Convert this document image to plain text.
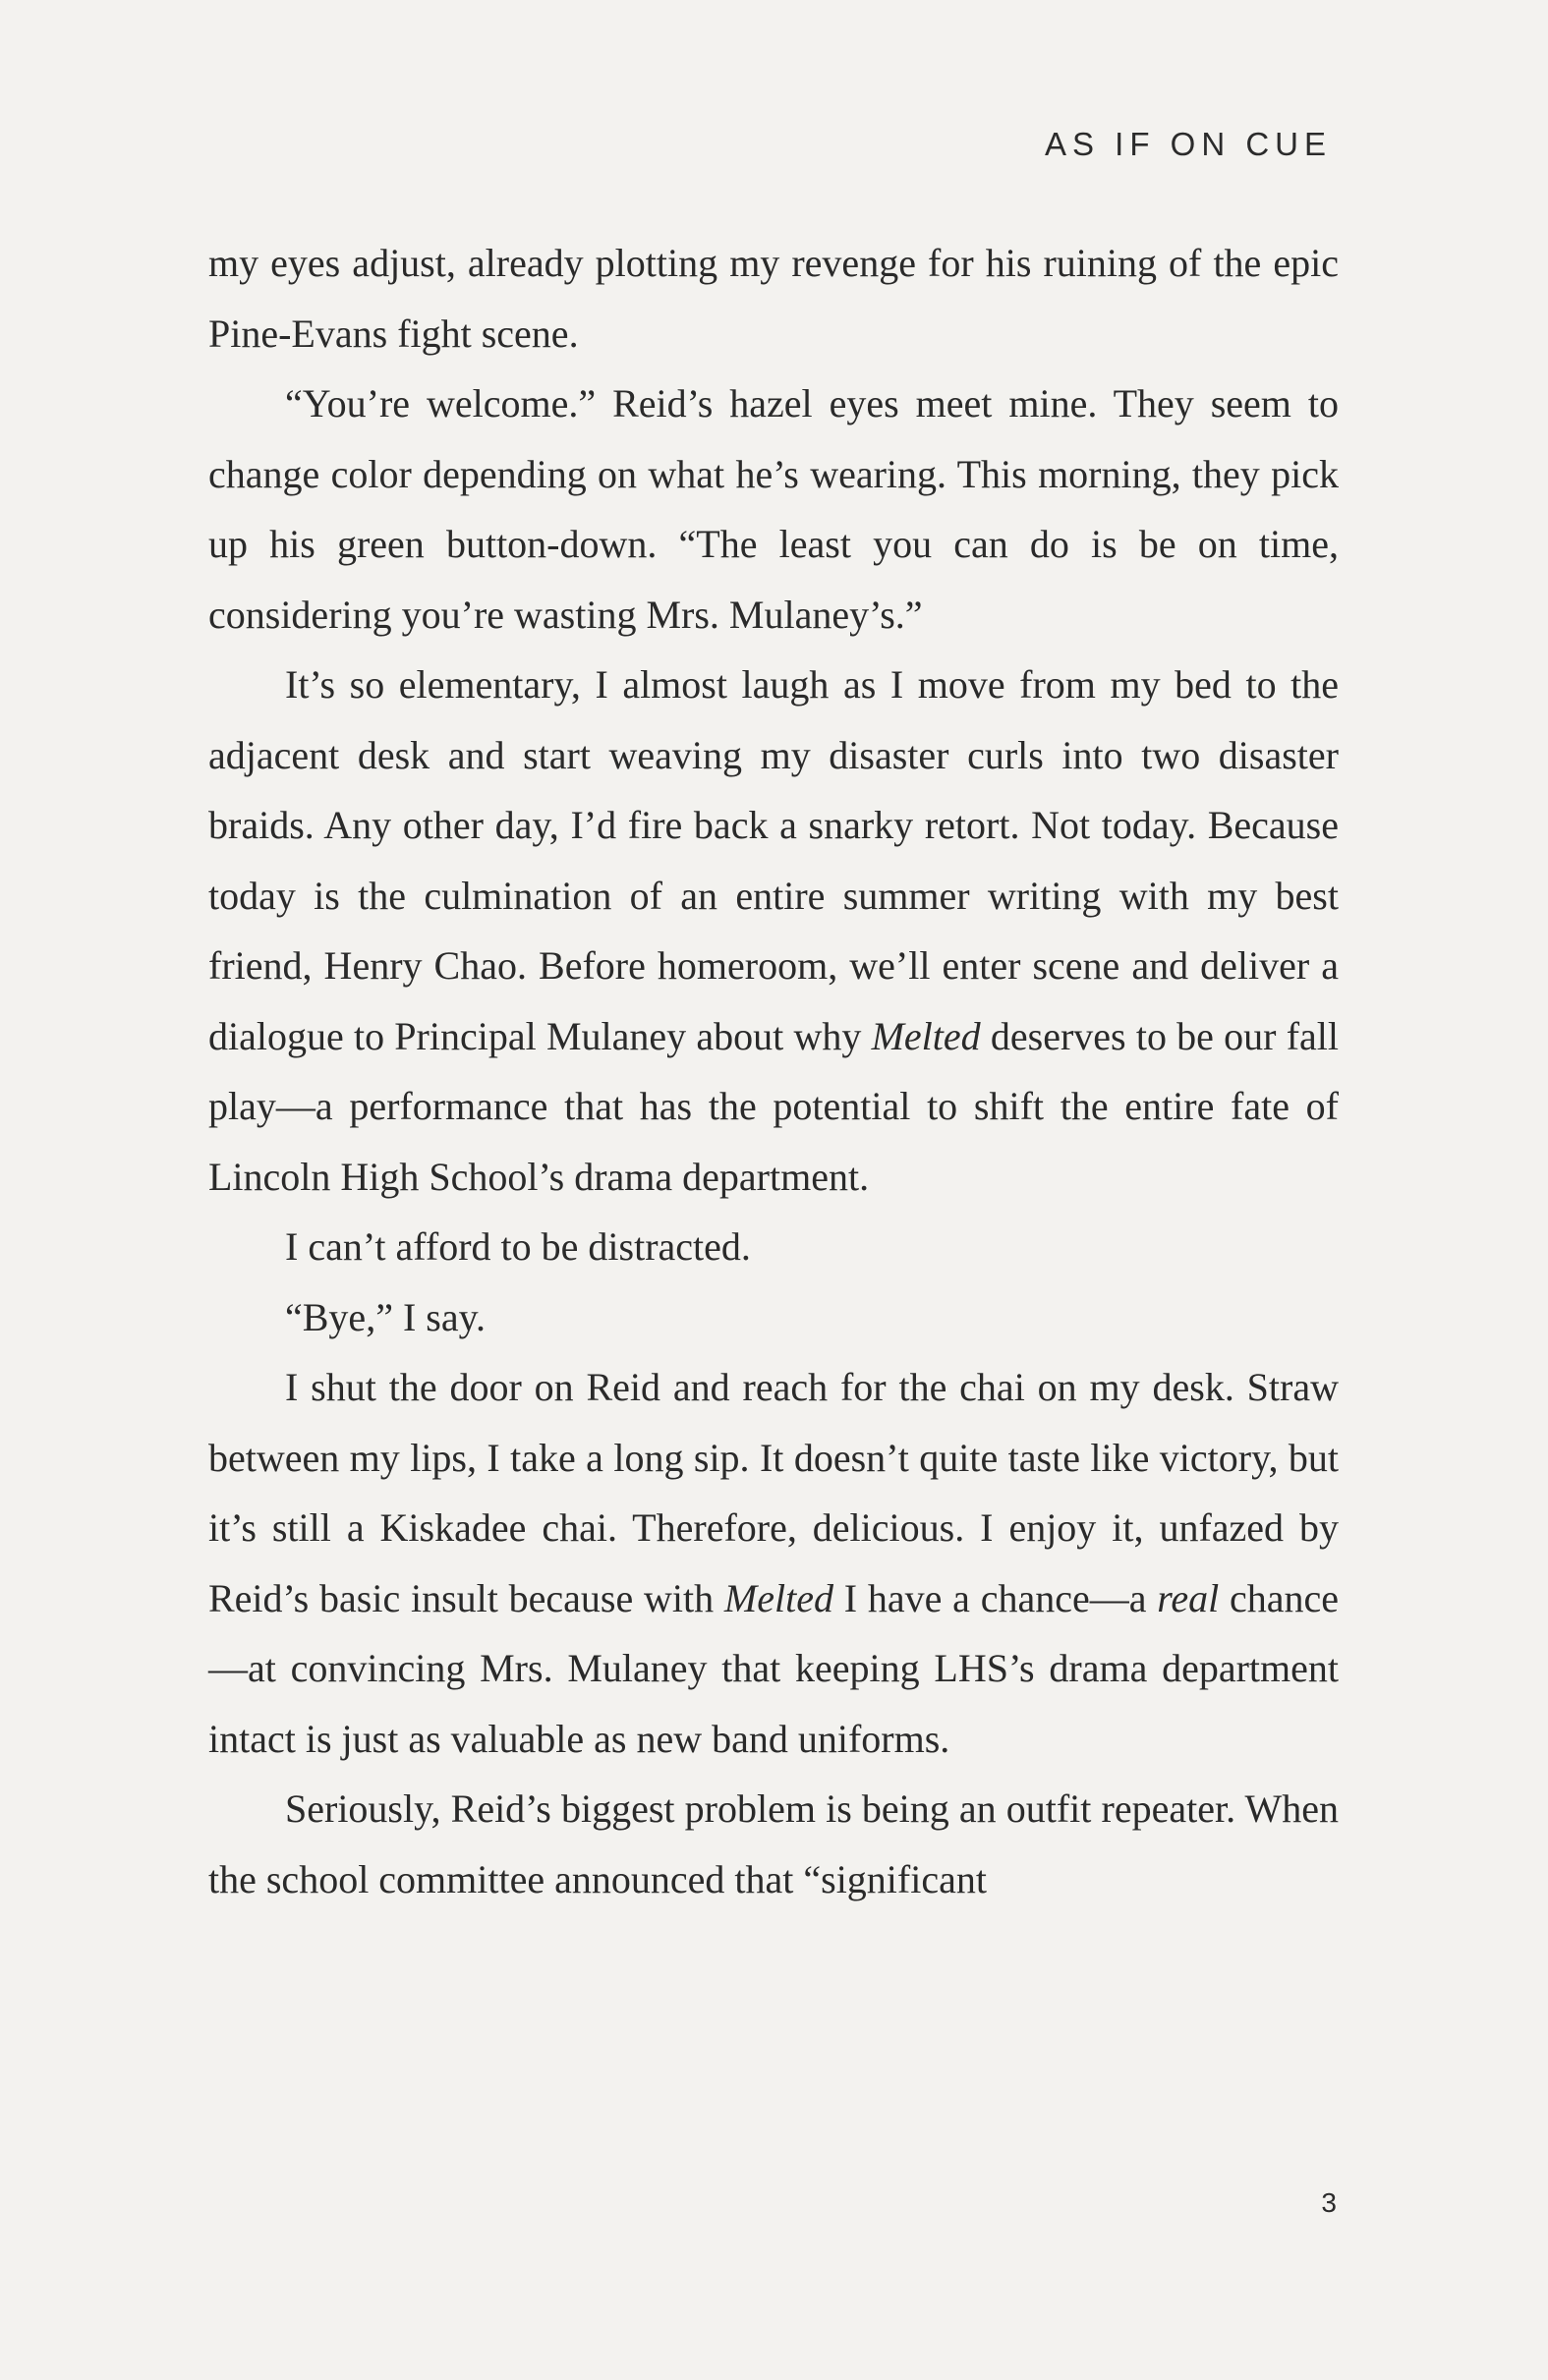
AS IF ON CUE

my eyes adjust, already plotting my revenge for his ruining of the epic Pine-Evans fight scene.

“You’re welcome.” Reid’s hazel eyes meet mine. They seem to change color depending on what he’s wearing. This morning, they pick up his green button-down. “The least you can do is be on time, considering you’re wasting Mrs. Mulaney’s.”

It’s so elementary, I almost laugh as I move from my bed to the adjacent desk and start weaving my disaster curls into two disaster braids. Any other day, I’d fire back a snarky retort. Not today. Because today is the culmination of an entire summer writing with my best friend, Henry Chao. Before homeroom, we’ll enter scene and deliver a dialogue to Principal Mulaney about why Melted deserves to be our fall play—a performance that has the potential to shift the entire fate of Lincoln High School’s drama department.

I can’t afford to be distracted.

“Bye,” I say.

I shut the door on Reid and reach for the chai on my desk. Straw between my lips, I take a long sip. It doesn’t quite taste like victory, but it’s still a Kiskadee chai. Therefore, delicious. I enjoy it, unfazed by Reid’s basic insult because with Melted I have a chance—a real chance—at convincing Mrs. Mulaney that keeping LHS’s drama department intact is just as valuable as new band uniforms.

Seriously, Reid’s biggest problem is being an outfit repeater. When the school committee announced that “significant

3
